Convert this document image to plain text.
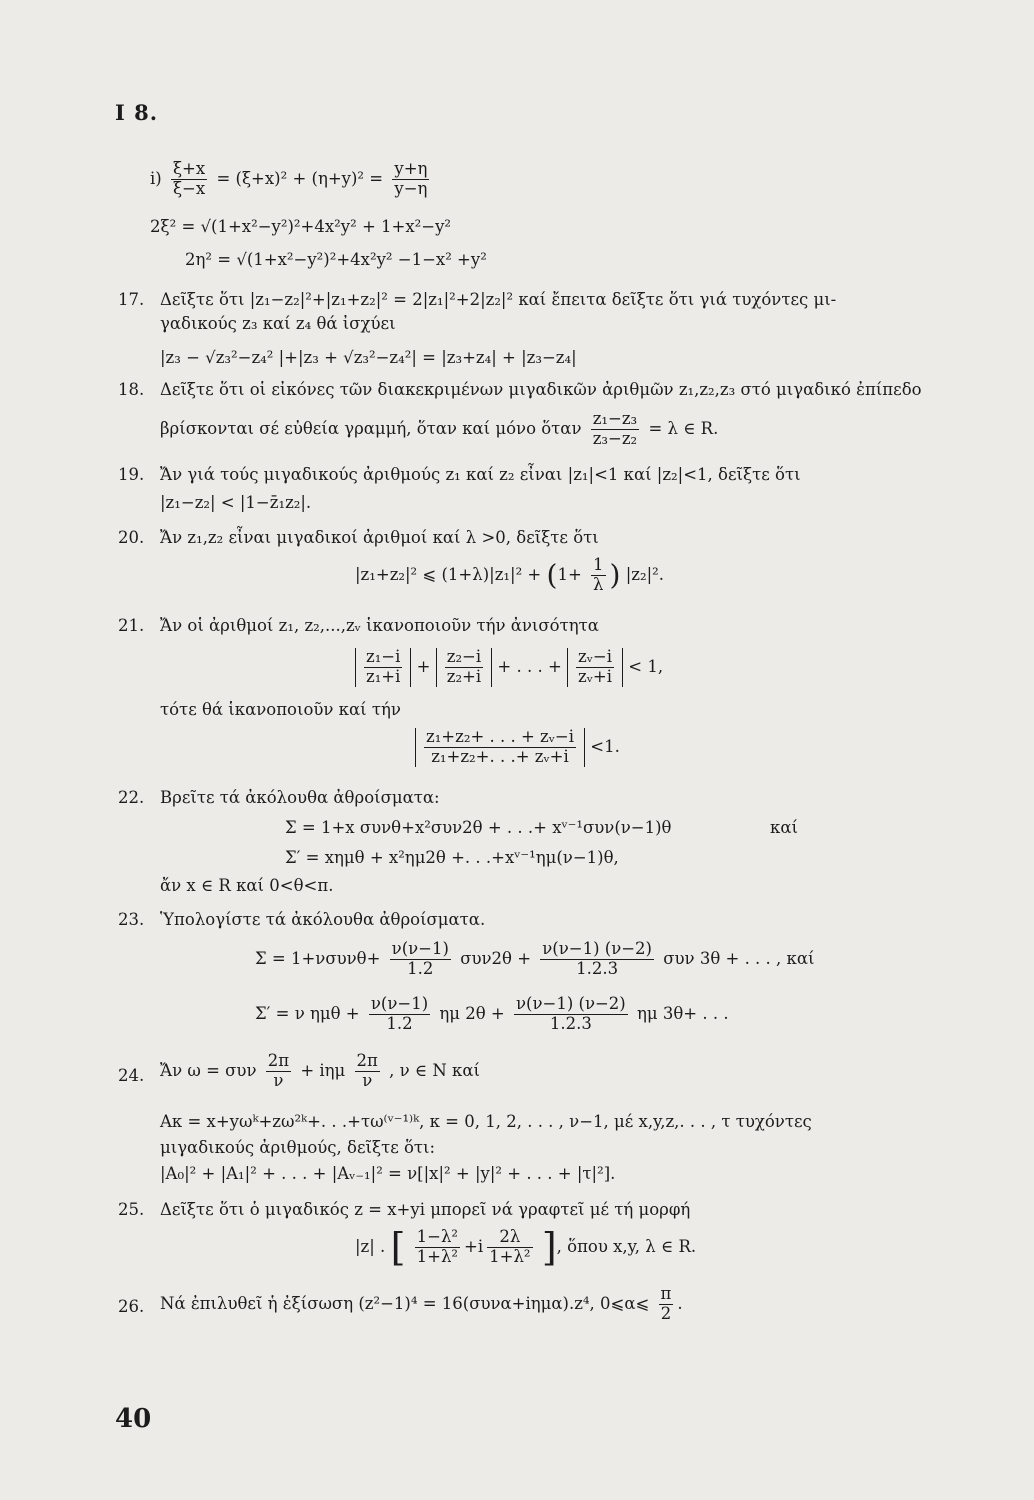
I 8.
$i) \frac{\xi+x}{\xi-x} = (\xi+x)^2 + (\eta+y)^2 = \frac{y+\eta}{y-\eta}$
2ξ² = √(1+x²−y²)²+4x²y² + 1+x²−y²
2η² = √(1+x²−y²)²+4x²y² −1−x² +y²
17. Δεῖξτε ὅτι |z₁−z₂|²+|z₁+z₂|² = 2|z₁|²+2|z₂|² καί ἔπειτα δεῖξτε ὅτι γιά τυχόντες μι-
γαδικούς z₃ καί z₄ θά ἰσχύει
|z₃ − √z₃²−z₄² |+|z₃ + √z₃²−z₄²| = |z₃+z₄| + |z₃−z₄|
18. Δεῖξτε ὅτι οἱ εἰκόνες τῶν διακεκριμένων μιγαδικῶν ἀριθμῶν z₁,z₂,z₃ στό μιγαδικό ἐπίπεδο
βρίσκονται σέ εὐθεία γραμμή, ὅταν καί μόνο ὅταν $\frac{\text{z₁−z₃}}{\text{z₃−z₂}} = \lambda$ ∈ R.
19. Ἄν γιά τούς μιγαδικούς ἀριθμούς z₁ καί z₂ εἶναι |z₁|<1 καί |z₂|<1, δεῖξτε ὅτι
|z₁−z₂| < |1−z̄₁z₂|.
20. Ἄν z₁,z₂ εἶναι μιγαδικοί ἀριθμοί καί λ >0, δεῖξτε ὅτι
|z₁+z₂|² ⩽ $(1+\lambda)|z_1|^2 + (1+ \frac{1}{\lambda}$ ) |z₂|².
21. Ἄν οἱ ἀριθμοί z₁, z₂,...,zᵥ ἱκανοποιοῦν τήν ἀνισότητα
$\frac{\text{z₁−i}}{\text{z₁+i}} + \frac{\text{z₂−i}}{\text{z₂+i}}$ + . . . + $\frac{\text{zᵥ−i}}{\text{zᵥ+i}} < 1$,
τότε θά ἱκανοποιοῦν καί τήν
$\frac{\text{z₁+z₂+ . . . + zᵥ−i}}{\text{z₁+z₂+. . .+ zᵥ+i}} <1$.
22. Βρεῖτε τά ἀκόλουθα ἀθροίσματα:
Σ = 1+x συνθ+x²συν2θ + . . .+ xᵛ⁻¹συν(ν−1)θ	καί
Σ′ = xημθ + x²ημ2θ +. . .+xᵛ⁻¹ημ(ν−1)θ,
ἄν x ∈ R καί 0<θ<π.
23. Ὑπολογίστε τά ἀκόλουθα ἀθροίσματα.
$\Sigma = 1+\nu\sigma\upsilon\nu\theta+ \frac{\nu(\nu-1)}{1.2} \sigma\upsilon\nu 2\theta + \frac{\nu(\nu-1) (\nu-2)}{1.2.3}$ συν 3θ + . . . , καί
Σ′ = ν $\eta\mu\theta + \frac{\nu(\nu-1)}{1.2}$ ημ $2\theta + \frac{\nu(\nu-1) (\nu-2)}{1.2.3}$ ημ 3θ+ . . .
24. Ἄν ω = συν $\frac{2\pi}{\nu} + i\eta\mu \frac{2\pi}{\nu}$ , ν ∈ N καί
Aκ = x+yωᵏ+zω²ᵏ+. . .+τω⁽ᵛ⁻¹⁾ᵏ, κ = 0, 1, 2, . . . , ν−1, μέ x,y,z,. . . , τ τυχόντες
μιγαδικούς ἀριθμούς, δεῖξτε ὅτι:
|A₀|² + |A₁|² + . . . + |Aᵥ₋₁|² = ν[|x|² + |y|² + . . . + |τ|²].
25. Δεῖξτε ὅτι ὁ μιγαδικός z = x+yi μπορεῖ νά γραφτεῖ μέ τή μορφή
|z| . [ $\frac{\text{1−λ²}}{\text{1+λ²}} +i \frac{2\lambda}{\text{1+λ²}}$ ], ὅπου x,y, λ ∈ R.
26. Νά ἐπιλυθεῖ ἡ ἐξίσωση (z²−1)⁴ = 16(συνα+iημα).z⁴, 0⩽α⩽ $\frac{\pi}{2}$ .
40
